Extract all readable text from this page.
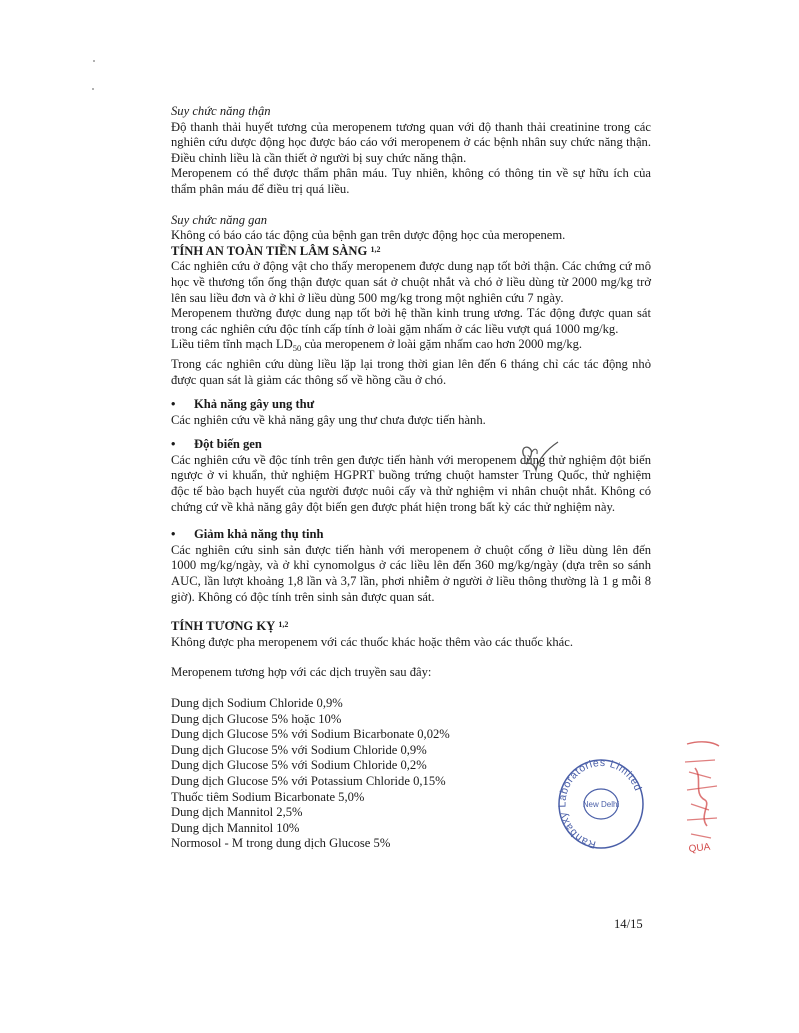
Suy chức năng thận

Độ thanh thải huyết tương của meropenem tương quan với độ thanh thải creatinine trong các nghiên cứu dược động học được báo cáo với meropenem ở các bệnh nhân suy chức năng thận. Điều chỉnh liều là cần thiết ở người bị suy chức năng thận.

Meropenem có thể được thẩm phân máu. Tuy nhiên, không có thông tin về sự hữu ích của thẩm phân máu để điều trị quá liều.

Suy chức năng gan

Không có báo cáo tác động của bệnh gan trên dược động học của meropenem.

TÍNH AN TOÀN TIỀN LÂM SÀNG $^{1,2}$

Các nghiên cứu ở động vật cho thấy meropenem được dung nạp tốt bởi thận. Các chứng cứ mô học về thương tổn ống thận được quan sát ở chuột nhắt và chó ở liều dùng từ 2000 mg/kg trở lên sau liều đơn và ở khỉ ở liều dùng 500 mg/kg trong một nghiên cứu 7 ngày.

Meropenem thường được dung nạp tốt bởi hệ thần kinh trung ương. Tác động được quan sát trong các nghiên cứu độc tính cấp tính ở loài gặm nhấm ở các liều vượt quá 1000 mg/kg.

Liều tiêm tĩnh mạch $LD_{50}$ của meropenem ở loài gặm nhấm cao hơn 2000 mg/kg.

Trong các nghiên cứu dùng liều lặp lại trong thời gian lên đến 6 tháng chỉ các tác động nhỏ được quan sát là giảm các thông số về hồng cầu ở chó.

•	Khả năng gây ung thư

Các nghiên cứu về khả năng gây ung thư chưa được tiến hành.

•	Đột biến gen

Các nghiên cứu về độc tính trên gen được tiến hành với meropenem dùng thử nghiệm đột biến ngược ở vi khuẩn, thử nghiệm HGPRT buồng trứng chuột hamster Trung Quốc, thử nghiệm độc tế bào bạch huyết của người được nuôi cấy và thử nghiệm vi nhân chuột nhắt. Không có chứng cứ về khả năng gây đột biến gen được phát hiện trong bất kỳ các thử nghiệm này.

•	Giảm khả năng thụ tinh

Các nghiên cứu sinh sản được tiến hành với meropenem ở chuột cống ở liều dùng lên đến 1000 mg/kg/ngày, và ở khỉ cynomolgus ở các liều lên đến 360 mg/kg/ngày (dựa trên so sánh AUC, lần lượt khoảng 1,8 lần và 3,7 lần, phơi nhiễm ở người ở liều thông thường là 1 g mỗi 8 giờ). Không có độc tính trên sinh sản được quan sát.

TÍNH TƯƠNG KỴ $^{1,2}$

Không được pha meropenem với các thuốc khác hoặc thêm vào các thuốc khác.

Meropenem tương hợp với các dịch truyền sau đây:

Dung dịch Sodium Chloride 0,9%

Dung dịch Glucose 5% hoặc 10%

Dung dịch Glucose 5% với Sodium Bicarbonate 0,02%

Dung dịch Glucose 5% với Sodium Chloride 0,9%

Dung dịch Glucose 5% với Sodium Chloride 0,2%

Dung dịch Glucose 5% với Potassium Chloride 0,15%

Thuốc tiêm Sodium Bicarbonate 5,0%

Dung dịch Mannitol 2,5%

Dung dịch Mannitol 10%

Normosol - M trong dung dịch Glucose 5%	Ranbaxy Laboratories Limited
New Delhi
QUA
14/15
